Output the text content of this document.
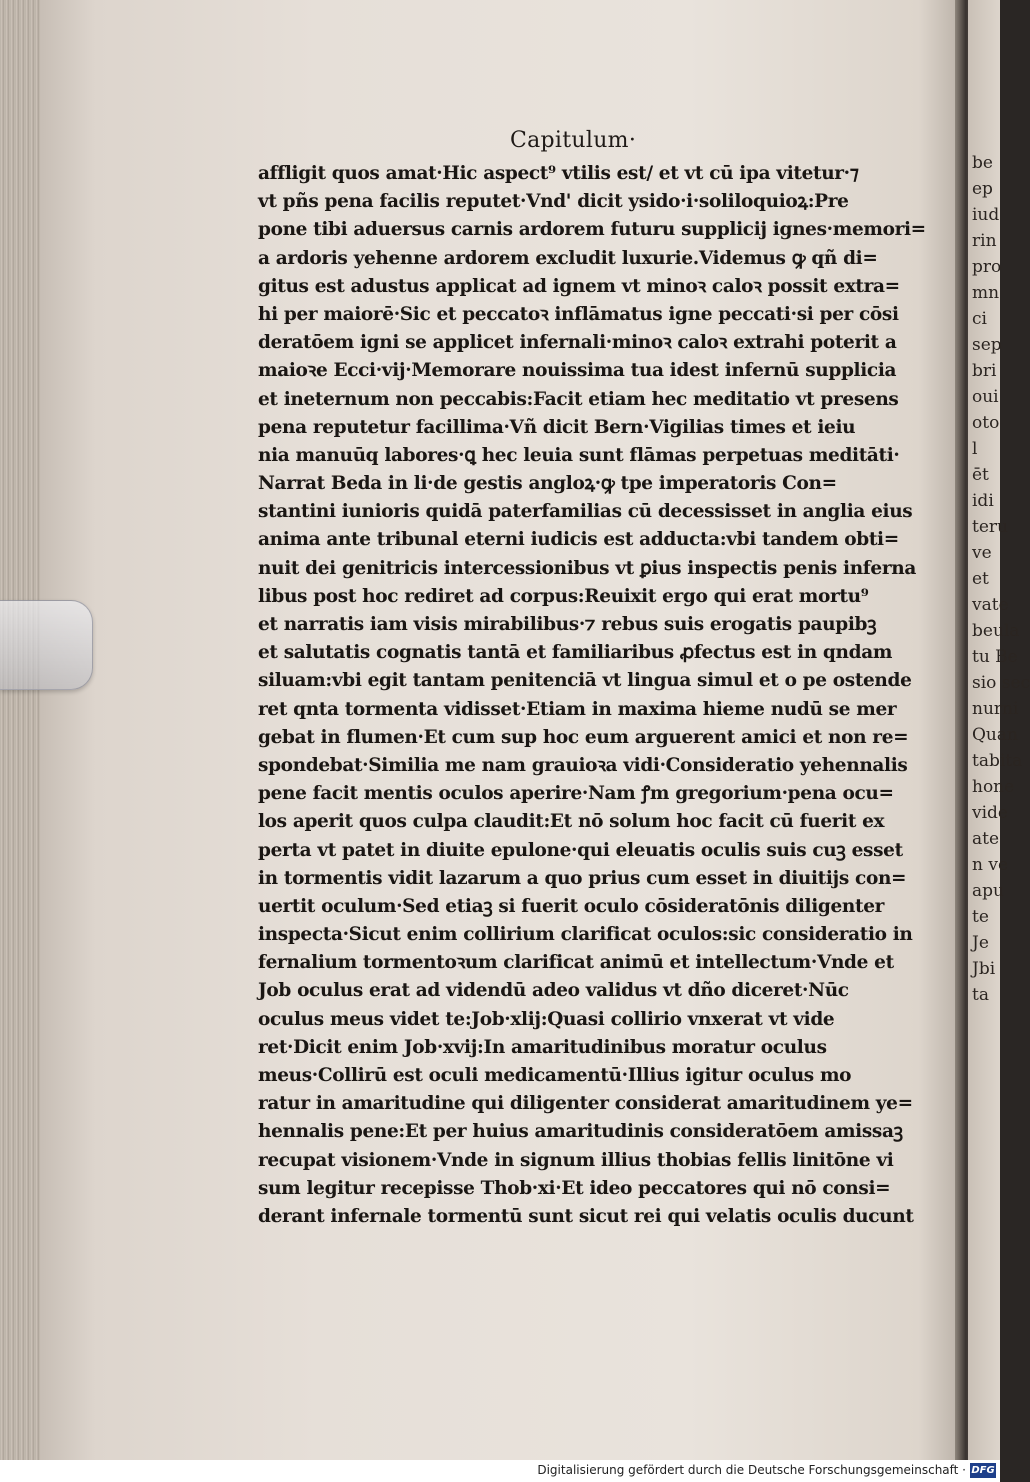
be
ep
iud
rin
pro
mn
ci
sep
bri
oui
oto
l
ēt
idi
teru
ve
et
vate
beula
tu Be
sio sec
nurni
Quan
tabita
hone
vide
ate
n ve
apu
te
Je
Jbi
ta
Capitulum·
affligit quos amat·Hic aspect⁹ vtilis est/ et vt cū ipa vitetur·⁊
vt pñs pena facilis reputet·Vnd' dicit ysido·i·soliloquioꝝ:Pre
pone tibi aduersus carnis ardorem futuru supplicij ignes·memori=
a ardoris yehenne ardorem excludit luxurie.Videmus ꝙ qñ di=
gitus est adustus applicat ad ignem vt minoꝛ caloꝛ possit extra=
hi per maiorē·Sic et peccatoꝛ inflāmatus igne peccati·si per cōsi
deratōem igni se applicet infernali·minoꝛ caloꝛ extrahi poterit a
maioꝛe Ecci·vij·Memorare nouissima tua idest infernū supplicia
et ineternum non peccabis:Facit etiam hec meditatio vt presens
pena reputetur facillima·Vñ dicit Bern·Vigilias times et ieiu
nia manuūq labores·ꝗ hec leuia sunt flāmas perpetuas meditāti·
Narrat Beda in li·de gestis angloꝝ·ꝙ tpe imperatoris Con=
stantini iunioris quidā paterfamilias cū decessisset in anglia eius
anima ante tribunal eterni iudicis est adducta:vbi tandem obti=
nuit dei genitricis intercessionibus vt ꝑius inspectis penis inferna
libus post hoc rediret ad corpus:Reuixit ergo qui erat mortu⁹
et narratis iam visis mirabilibus·⁊ rebus suis erogatis paupibꝫ
et salutatis cognatis tantā et familiaribus ꝓfectus est in qndam
siluam:vbi egit tantam penitenciā vt lingua simul et o pe ostende
ret qnta tormenta vidisset·Etiam in maxima hieme nudū se mer
gebat in flumen·Et cum sup hoc eum arguerent amici et non re=
spondebat·Similia me nam grauioꝛa vidi·Consideratio yehennalis
pene facit mentis oculos aperire·Nam ꝭm gregorium·pena ocu=
los aperit quos culpa claudit:Et nō solum hoc facit cū fuerit ex
perta vt patet in diuite epulone·qui eleuatis oculis suis cuꝫ esset
in tormentis vidit lazarum a quo prius cum esset in diuitijs con=
uertit oculum·Sed etiaꝫ si fuerit oculo cōsideratōnis diligenter
inspecta·Sicut enim collirium clarificat oculos:sic consideratio in
fernalium tormentoꝛum clarificat animū et intellectum·Vnde et
Job oculus erat ad videndū adeo validus vt dño diceret·Nūc
oculus meus videt te:Job·xlij:Quasi collirio vnxerat vt vide
ret·Dicit enim Job·xvij:In amaritudinibus moratur oculus
meus·Collirū est oculi medicamentū·Illius igitur oculus mo
ratur in amaritudine qui diligenter considerat amaritudinem ye=
hennalis pene:Et per huius amaritudinis consideratōem amissaꝫ
recupat visionem·Vnde in signum illius thobias fellis linitōne vi
sum legitur recepisse Thob·xi·Et ideo peccatores qui nō consi=
derant infernale tormentū sunt sicut rei qui velatis oculis ducunt
Digitalisierung gefördert durch die Deutsche Forschungsgemeinschaft · DFG
